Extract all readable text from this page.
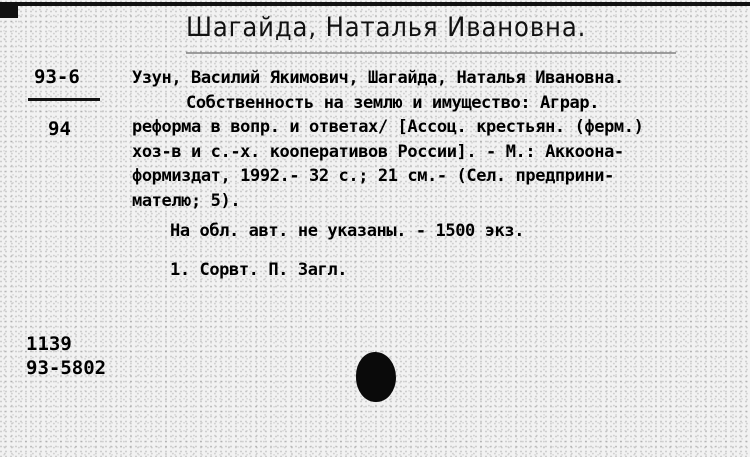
Шагайда, Наталья Ивановна.
93-6
94
Узун, Василий Якимович, Шагайда, Наталья Ивановна.
Собственность на землю и имущество: Аграр.
реформа в вопр. и ответах/ [Ассоц. крестьян. (ферм.)
хоз-в и с.-х. кооперативов России]. - М.: Аккоона-
формиздат, 1992.- 32 с.; 21 см.- (Сел. предприни-
мателю; 5).
На обл. авт. не указаны. - 1500 экз.
1. Сорвт. П. Загл.
1139
93-5802
